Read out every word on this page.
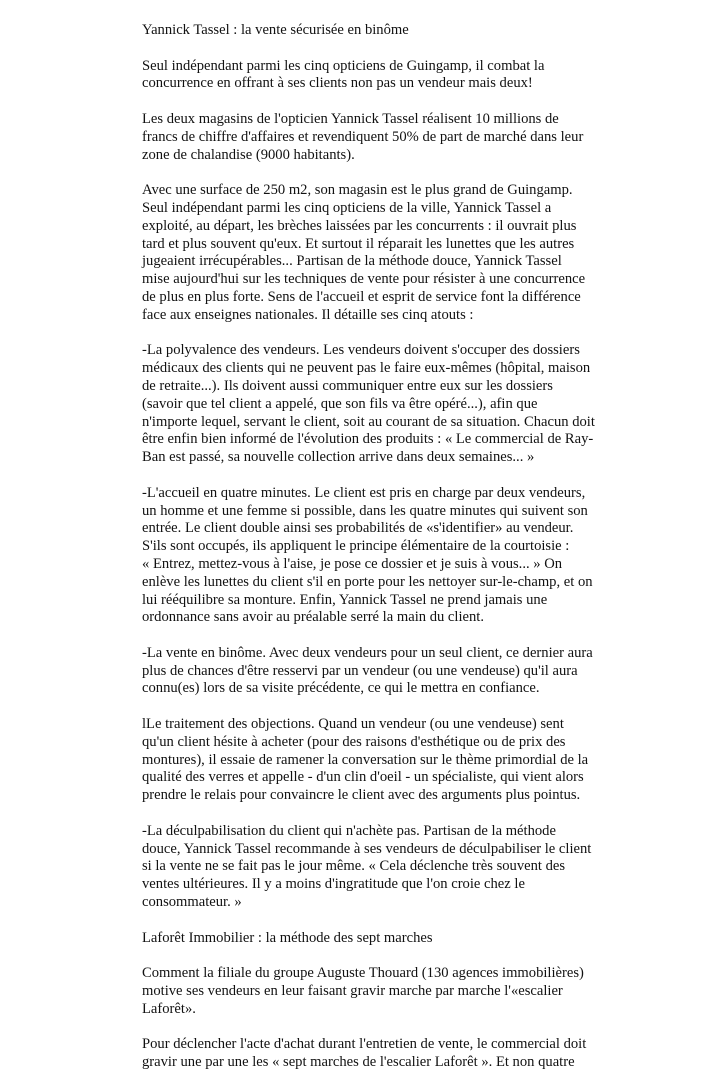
Yannick Tassel : la vente sécurisée en binôme

Seul indépendant parmi les cinq opticiens de Guingamp, il combat la
concurrence en offrant à ses clients non pas un vendeur mais deux!

Les deux magasins de l'opticien Yannick Tassel réalisent 10 millions de
francs de chiffre d'affaires et revendiquent 50% de part de marché dans leur
zone de chalandise (9000 habitants).

Avec une surface de 250 m2, son magasin est le plus grand de Guingamp.
Seul indépendant parmi les cinq opticiens de la ville, Yannick Tassel a
exploité, au départ, les brèches laissées par les concurrents : il ouvrait plus
tard et plus souvent qu'eux. Et surtout il réparait les lunettes que les autres
jugeaient irrécupérables... Partisan de la méthode douce, Yannick Tassel
mise aujourd'hui sur les techniques de vente pour résister à une concurrence
de plus en plus forte. Sens de l'accueil et esprit de service font la différence
face aux enseignes nationales. Il détaille ses cinq atouts :

-La polyvalence des vendeurs. Les vendeurs doivent s'occuper des dossiers
médicaux des clients qui ne peuvent pas le faire eux-mêmes (hôpital, maison
de retraite...). Ils doivent aussi communiquer entre eux sur les dossiers
(savoir que tel client a appelé, que son fils va être opéré...), afin que
n'importe lequel, servant le client, soit au courant de sa situation. Chacun doit
être enfin bien informé de l'évolution des produits : « Le commercial de Ray-
Ban est passé, sa nouvelle collection arrive dans deux semaines... »

-L'accueil en quatre minutes. Le client est pris en charge par deux vendeurs,
un homme et une femme si possible, dans les quatre minutes qui suivent son
entrée. Le client double ainsi ses probabilités de «s'identifier» au vendeur.
S'ils sont occupés, ils appliquent le principe élémentaire de la courtoisie :
« Entrez, mettez-vous à l'aise, je pose ce dossier et je suis à vous... » On
enlève les lunettes du client s'il en porte pour les nettoyer sur-le-champ, et on
lui rééquilibre sa monture. Enfin, Yannick Tassel ne prend jamais une
ordonnance sans avoir au préalable serré la main du client.

-La vente en binôme. Avec deux vendeurs pour un seul client, ce dernier aura
plus de chances d'être resservi par un vendeur (ou une vendeuse) qu'il aura
connu(es) lors de sa visite précédente, ce qui le mettra en confiance.

lLe traitement des objections. Quand un vendeur (ou une vendeuse) sent
qu'un client hésite à acheter (pour des raisons d'esthétique ou de prix des
montures), il essaie de ramener la conversation sur le thème primordial de la
qualité des verres et appelle - d'un clin d'oeil - un spécialiste, qui vient alors
prendre le relais pour convaincre le client avec des arguments plus pointus.

-La déculpabilisation du client qui n'achète pas. Partisan de la méthode
douce, Yannick Tassel recommande à ses vendeurs de déculpabiliser le client
si la vente ne se fait pas le jour même. « Cela déclenche très souvent des
ventes ultérieures. Il y a moins d'ingratitude que l'on croie chez le
consommateur. »

Laforêt Immobilier : la méthode des sept marches

Comment la filiale du groupe Auguste Thouard (130 agences immobilières)
motive ses vendeurs en leur faisant gravir marche par marche l'«escalier
Laforêt».

Pour déclencher l'acte d'achat durant l'entretien de vente, le commercial doit
gravir une par une les « sept marches de l'escalier Laforêt ». Et non quatre
